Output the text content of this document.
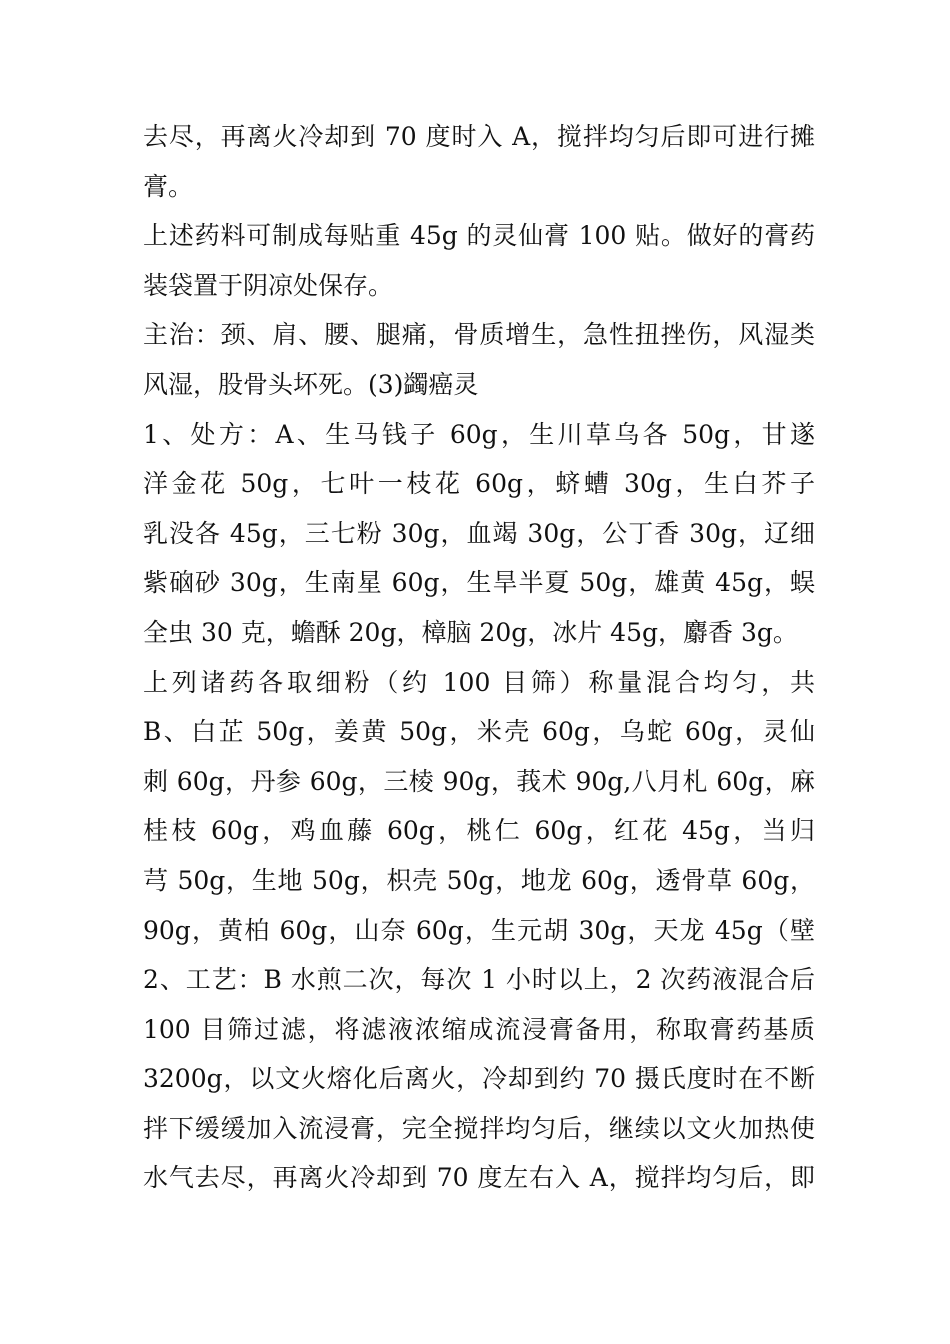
去尽，再离火冷却到 70 度时入 A，搅拌均匀后即可进行摊
膏。
上述药料可制成每贴重 45g 的灵仙膏 100 贴。做好的膏药
装袋置于阴凉处保存。
主治：颈、肩、腰、腿痛，骨质增生，急性扭挫伤，风湿类
风湿，股骨头坏死。(3)蠲癌灵
1、处方：A、生马钱子 60g，生川草乌各 50g，甘遂
洋金花 50g，七叶一枝花 60g，蛴螬 30g，生白芥子
乳没各 45g，三七粉 30g，血竭 30g，公丁香 30g，辽细
紫硇砂 30g，生南星 60g，生旱半夏 50g，雄黄 45g，蜈
全虫 30 克，蟾酥 20g，樟脑 20g，冰片 45g，麝香 3g。
上列诸药各取细粉（约 100 目筛）称量混合均匀，共
B、白芷 50g，姜黄 50g，米壳 60g，乌蛇 60g，灵仙
刺 60g，丹参 60g，三棱 90g，莪术 90g,八月札 60g，麻
桂枝 60g，鸡血藤 60g，桃仁 60g，红花 45g，当归
芎 50g，生地 50g，枳壳 50g，地龙 60g，透骨草 60g，
90g，黄柏 60g，山奈 60g，生元胡 30g，天龙 45g（壁
2、工艺：B 水煎二次，每次 1 小时以上，2 次药液混合后
100 目筛过滤，将滤液浓缩成流浸膏备用，称取膏药基质
3200g，以文火熔化后离火，冷却到约 70 摄氏度时在不断
拌下缓缓加入流浸膏，完全搅拌均匀后，继续以文火加热使
水气去尽，再离火冷却到 70 度左右入 A，搅拌均匀后，即
